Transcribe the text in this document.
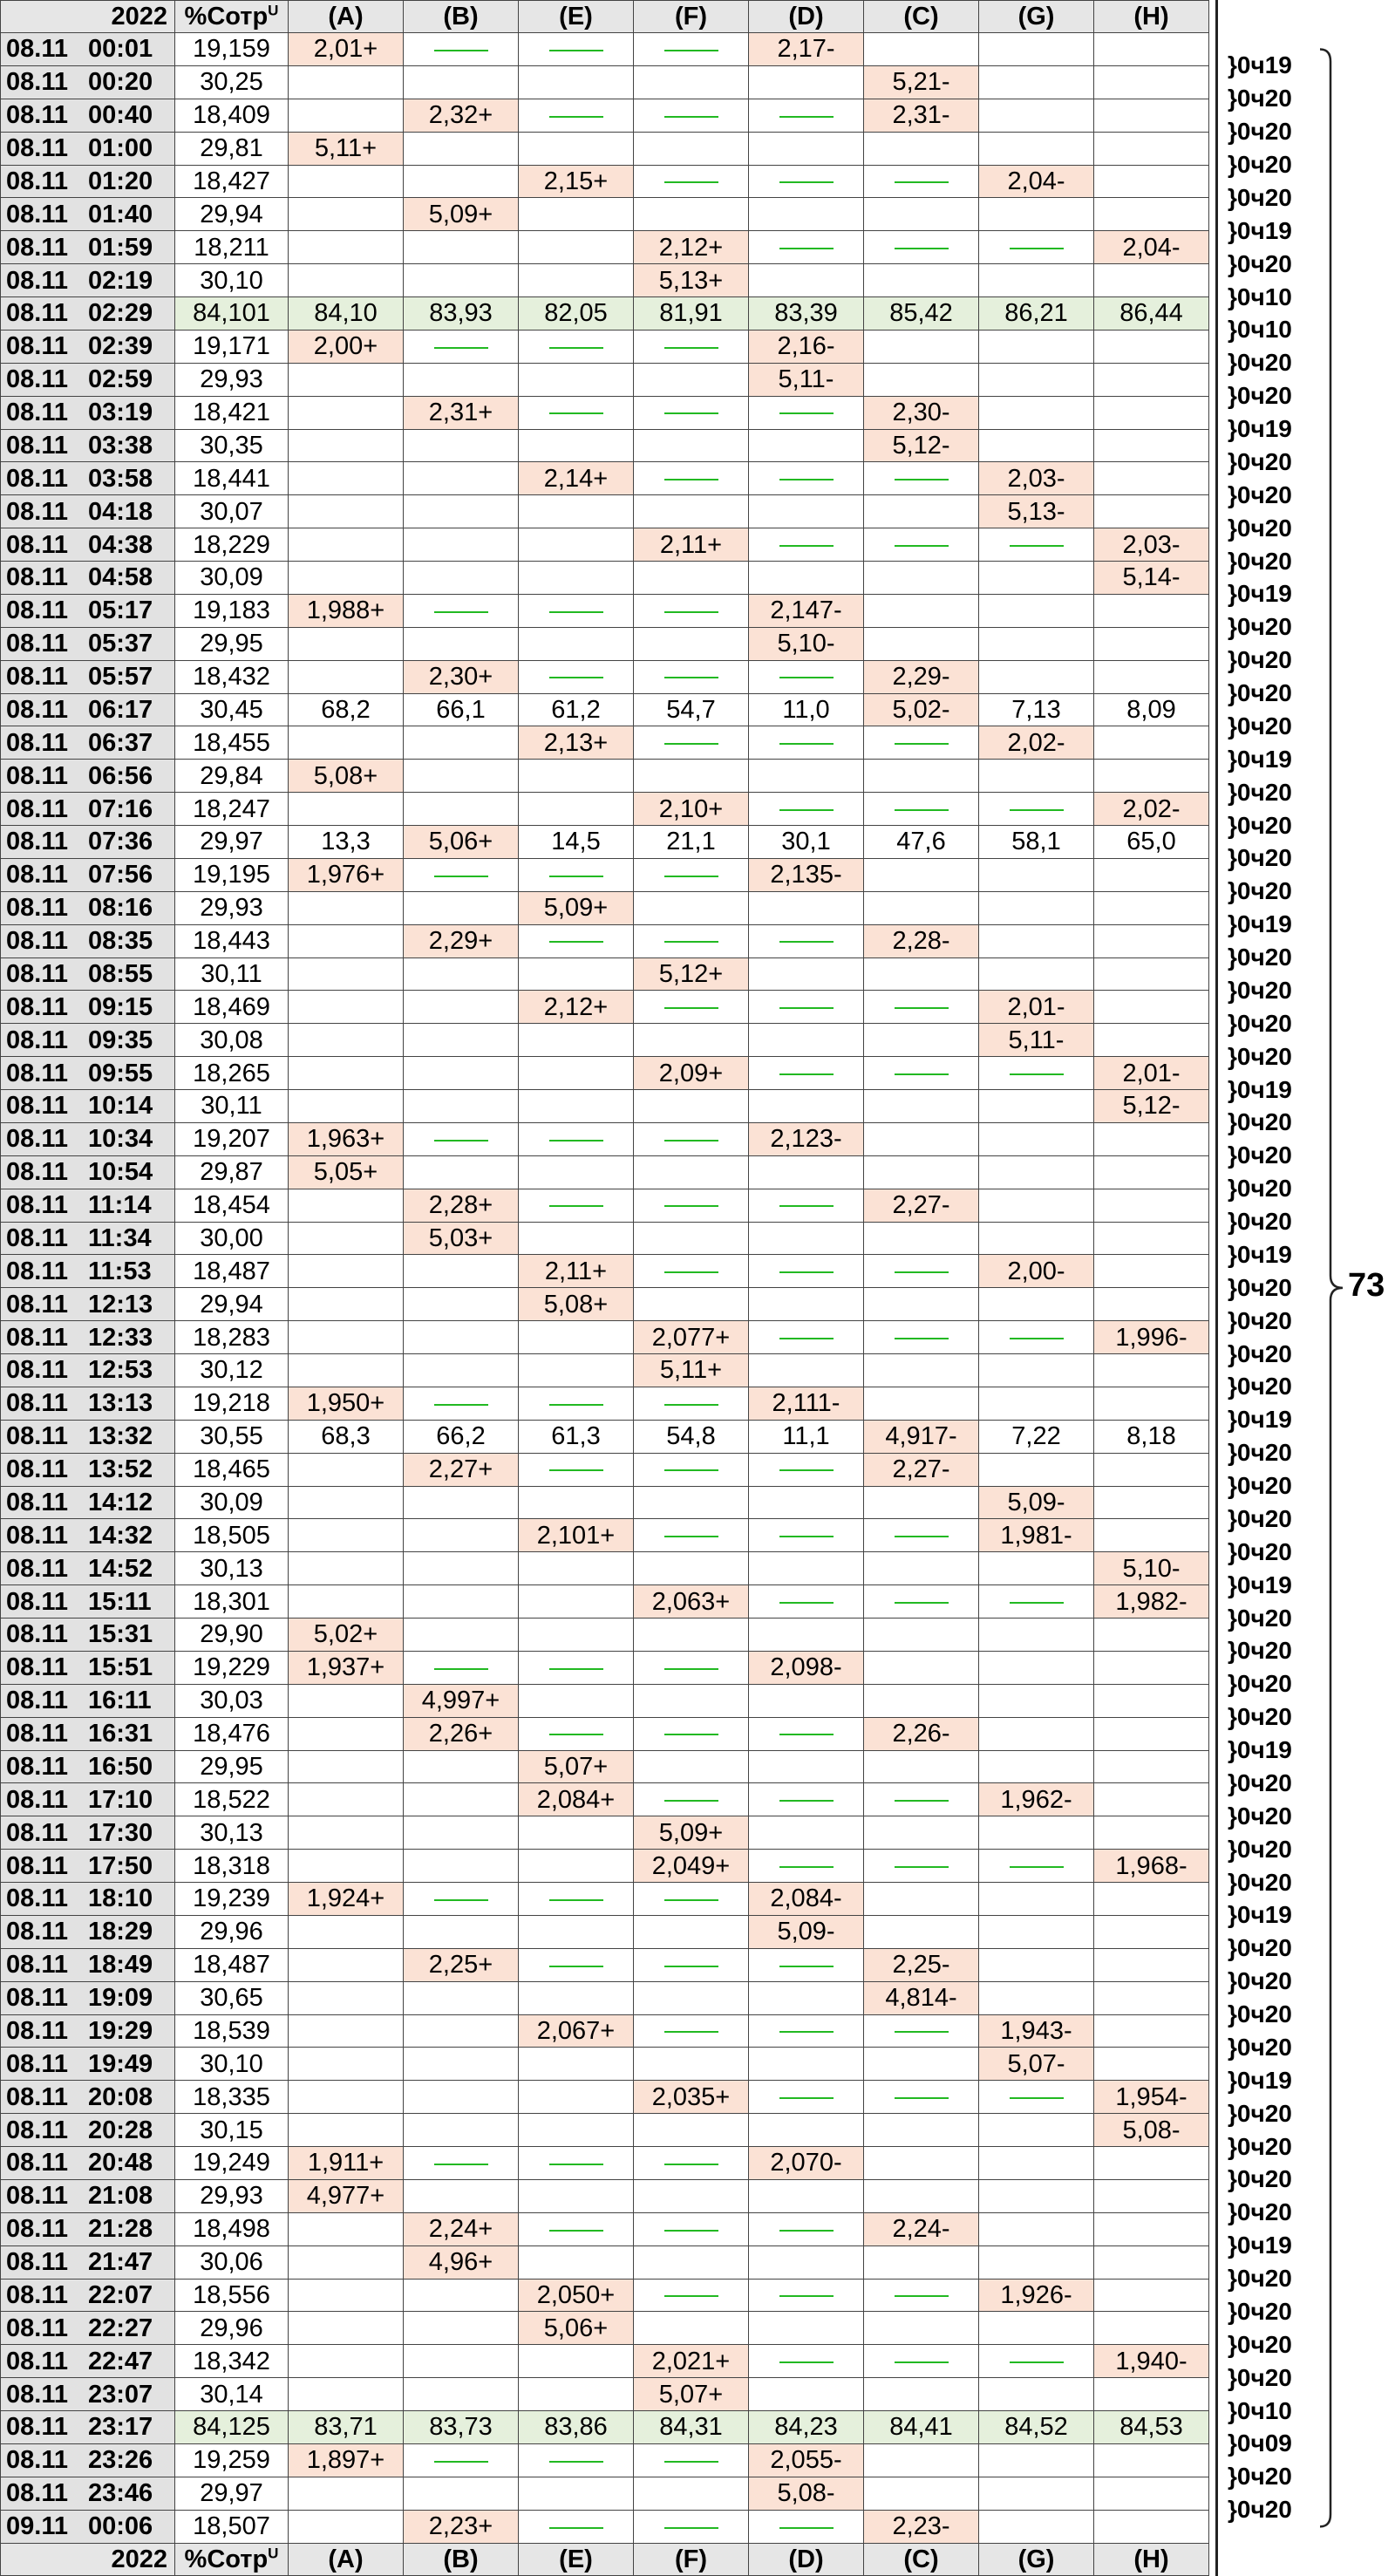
2022	%Сотр$^U$	(A)	(B)	(E)	(F)	(D)	(C)	(G)	(H)
08.11 00:01	19,159	2,01+				2,17-			
08.11 00:20	30,25						5,21-		
08.11 00:40	18,409		2,32+				2,31-		
08.11 01:00	29,81	5,11+							
08.11 01:20	18,427			2,15+				2,04-	
08.11 01:40	29,94		5,09+						
08.11 01:59	18,211				2,12+				2,04-
08.11 02:19	30,10				5,13+				
08.11 02:29	84,101	84,10	83,93	82,05	81,91	83,39	85,42	86,21	86,44
08.11 02:39	19,171	2,00+				2,16-			
08.11 02:59	29,93					5,11-			
08.11 03:19	18,421		2,31+				2,30-		
08.11 03:38	30,35						5,12-		
08.11 03:58	18,441			2,14+				2,03-	
08.11 04:18	30,07							5,13-	
08.11 04:38	18,229				2,11+				2,03-
08.11 04:58	30,09								5,14-
08.11 05:17	19,183	1,988+				2,147-			
08.11 05:37	29,95					5,10-			
08.11 05:57	18,432		2,30+				2,29-		
08.11 06:17	30,45	68,2	66,1	61,2	54,7	11,0	5,02-	7,13	8,09
08.11 06:37	18,455			2,13+				2,02-	
08.11 06:56	29,84	5,08+							
08.11 07:16	18,247				2,10+				2,02-
08.11 07:36	29,97	13,3	5,06+	14,5	21,1	30,1	47,6	58,1	65,0
08.11 07:56	19,195	1,976+				2,135-			
08.11 08:16	29,93			5,09+					
08.11 08:35	18,443		2,29+				2,28-		
08.11 08:55	30,11				5,12+				
08.11 09:15	18,469			2,12+				2,01-	
08.11 09:35	30,08							5,11-	
08.11 09:55	18,265				2,09+				2,01-
08.11 10:14	30,11								5,12-
08.11 10:34	19,207	1,963+				2,123-			
08.11 10:54	29,87	5,05+							
08.11 11:14	18,454		2,28+				2,27-		
08.11 11:34	30,00		5,03+						
08.11 11:53	18,487			2,11+				2,00-	
08.11 12:13	29,94			5,08+					
08.11 12:33	18,283				2,077+				1,996-
08.11 12:53	30,12				5,11+				
08.11 13:13	19,218	1,950+				2,111-			
08.11 13:32	30,55	68,3	66,2	61,3	54,8	11,1	4,917-	7,22	8,18
08.11 13:52	18,465		2,27+				2,27-		
08.11 14:12	30,09							5,09-	
08.11 14:32	18,505			2,101+				1,981-	
08.11 14:52	30,13								5,10-
08.11 15:11	18,301				2,063+				1,982-
08.11 15:31	29,90	5,02+							
08.11 15:51	19,229	1,937+				2,098-			
08.11 16:11	30,03		4,997+						
08.11 16:31	18,476		2,26+				2,26-		
08.11 16:50	29,95			5,07+					
08.11 17:10	18,522			2,084+				1,962-	
08.11 17:30	30,13				5,09+				
08.11 17:50	18,318				2,049+				1,968-
08.11 18:10	19,239	1,924+				2,084-			
08.11 18:29	29,96					5,09-			
08.11 18:49	18,487		2,25+				2,25-		
08.11 19:09	30,65						4,814-		
08.11 19:29	18,539			2,067+				1,943-	
08.11 19:49	30,10							5,07-	
08.11 20:08	18,335				2,035+				1,954-
08.11 20:28	30,15								5,08-
08.11 20:48	19,249	1,911+				2,070-			
08.11 21:08	29,93	4,977+							
08.11 21:28	18,498		2,24+				2,24-		
08.11 21:47	30,06		4,96+						
08.11 22:07	18,556			2,050+				1,926-	
08.11 22:27	29,96			5,06+					
08.11 22:47	18,342				2,021+				1,940-
08.11 23:07	30,14				5,07+				
08.11 23:17	84,125	83,71	83,73	83,86	84,31	84,23	84,41	84,52	84,53
08.11 23:26	19,259	1,897+				2,055-			
08.11 23:46	29,97					5,08-			
09.11 00:06	18,507		2,23+				2,23-		
2022	%Сотр$^U$	(A)	(B)	(E)	(F)	(D)	(C)	(G)	(H)
}0ч19
}0ч20
}0ч20
}0ч20
}0ч20
}0ч19
}0ч20
}0ч10
}0ч10
}0ч20
}0ч20
}0ч19
}0ч20
}0ч20
}0ч20
}0ч20
}0ч19
}0ч20
}0ч20
}0ч20
}0ч20
}0ч19
}0ч20
}0ч20
}0ч20
}0ч20
}0ч19
}0ч20
}0ч20
}0ч20
}0ч20
}0ч19
}0ч20
}0ч20
}0ч20
}0ч20
}0ч19
}0ч20
}0ч20
}0ч20
}0ч20
}0ч19
}0ч20
}0ч20
}0ч20
}0ч20
}0ч19
}0ч20
}0ч20
}0ч20
}0ч20
}0ч19
}0ч20
}0ч20
}0ч20
}0ч20
}0ч19
}0ч20
}0ч20
}0ч20
}0ч20
}0ч19
}0ч20
}0ч20
}0ч20
}0ч20
}0ч19
}0ч20
}0ч20
}0ч20
}0ч20
}0ч10
}0ч09
}0ч20
}0ч20
73
